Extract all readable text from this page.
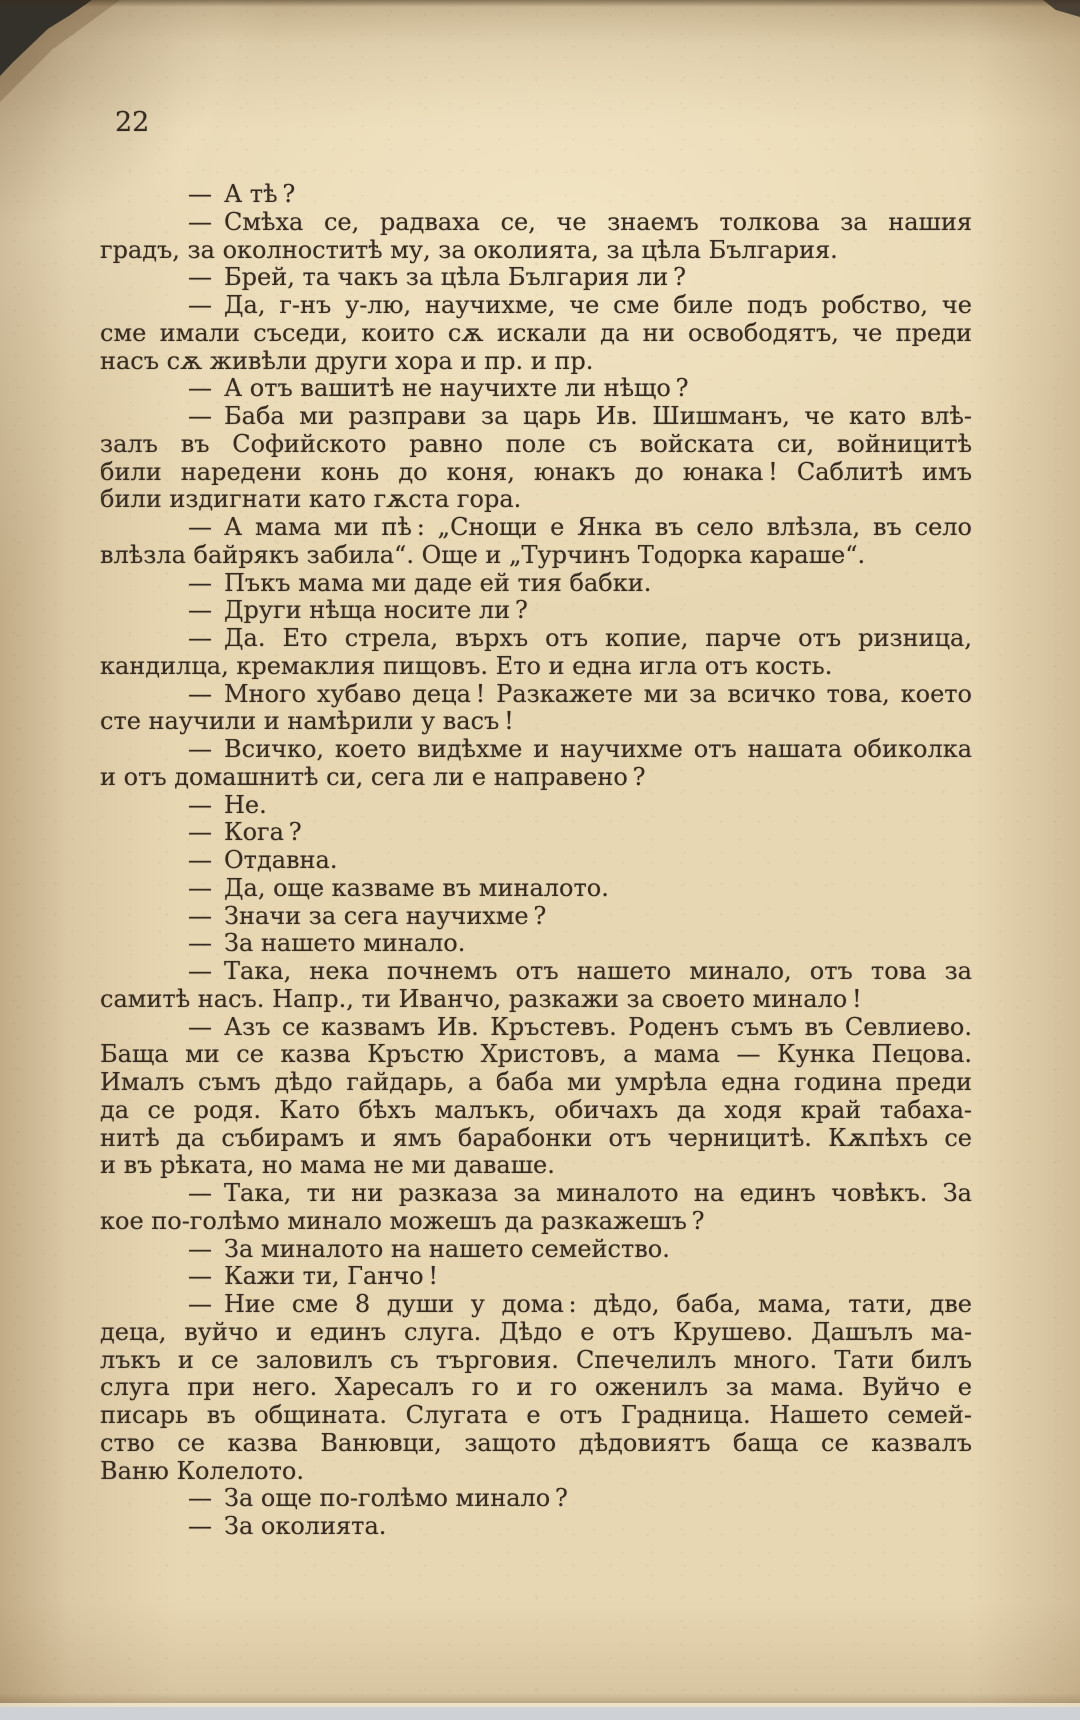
22
— А тѣ ?
— Смѣха се, радваха се, че знаемъ толкова за нашия
градъ, за околноститѣ му, за околията, за цѣла България.
— Брей, та чакъ за цѣла България ли ?
— Да, г-нъ у-лю, научихме, че сме биле подъ робство, че
сме имали съседи, които сѫ искали да ни освободятъ, че преди
насъ сѫ живѣли други хора и пр. и пр.
— А отъ вашитѣ не научихте ли нѣщо ?
— Баба ми разправи за царь Ив. Шишманъ, че като влѣ-
залъ въ Софийското равно поле съ войската си, войницитѣ
били наредени конь до коня, юнакъ до юнака ! Саблитѣ имъ
били издигнати като гѫста гора.
— А мама ми пѣ : „Снощи е Янка въ село влѣзла, въ село
влѣзла байрякъ забила“. Още и „Турчинъ Тодорка караше“.
— Пъкъ мама ми даде ей тия бабки.
— Други нѣща носите ли ?
— Да. Ето стрела, върхъ отъ копие, парче отъ ризница,
кандилца, кремаклия пищовъ. Ето и една игла отъ кость.
— Много хубаво деца ! Разкажете ми за всичко това, което
сте научили и намѣрили у васъ !
— Всичко, което видѣхме и научихме отъ нашата обиколка
и отъ домашнитѣ си, сега ли е направено ?
— Не.
— Кога ?
— Отдавна.
— Да, още казваме въ миналото.
— Значи за сега научихме ?
— За нашето минало.
— Така, нека почнемъ отъ нашето минало, отъ това за
самитѣ насъ. Напр., ти Иванчо, разкажи за своето минало !
— Азъ се казвамъ Ив. Кръстевъ. Роденъ съмъ въ Севлиево.
Баща ми се казва Кръстю Христовъ, а мама — Кунка Пецова.
Ималъ съмъ дѣдо гайдарь, а баба ми умрѣла една година преди
да се родя. Като бѣхъ малъкъ, обичахъ да ходя край табаха-
нитѣ да събирамъ и ямъ барабонки отъ черницитѣ. Кѫпѣхъ се
и въ рѣката, но мама не ми даваше.
— Така, ти ни разказа за миналото на единъ човѣкъ. За
кое по-голѣмо минало можешъ да разкажешъ ?
— За миналото на нашето семейство.
— Кажи ти, Ганчо !
— Ние сме 8 души у дома : дѣдо, баба, мама, тати, две
деца, вуйчо и единъ слуга. Дѣдо е отъ Крушево. Дашълъ ма-
лъкъ и се заловилъ съ търговия. Спечелилъ много. Тати билъ
слуга при него. Харесалъ го и го оженилъ за мама. Вуйчо е
писарь въ общината. Слугата е отъ Градница. Нашето семей-
ство се казва Ванювци, защото дѣдовиятъ баща се казвалъ
Ваню Колелото.
— За още по-голѣмо минало ?
— За околията.
